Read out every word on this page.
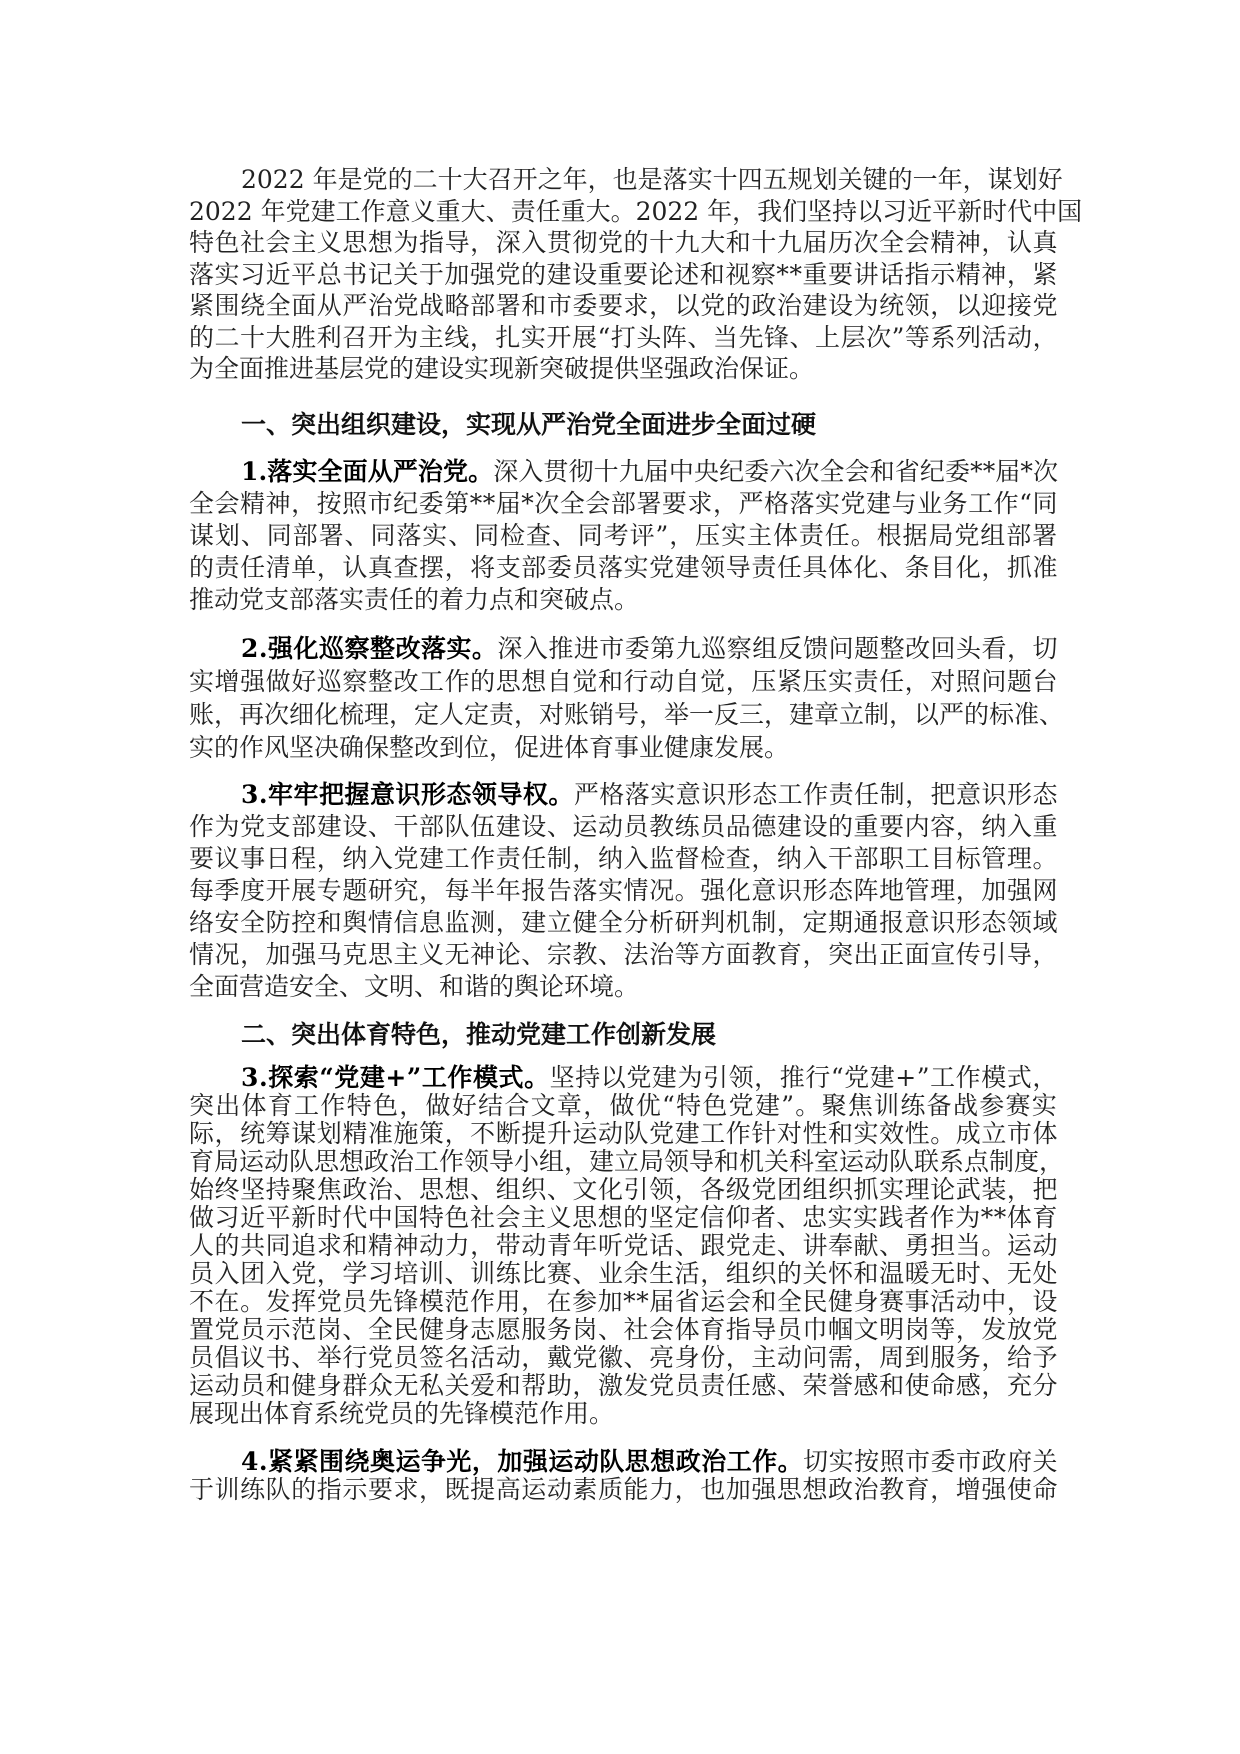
2022 年是党的二十大召开之年，也是落实十四五规划关键的一年，谋划好
2022 年党建工作意义重大、责任重大。2022 年，我们坚持以习近平新时代中国
特色社会主义思想为指导，深入贯彻党的十九大和十九届历次全会精神，认真
落实习近平总书记关于加强党的建设重要论述和视察**重要讲话指示精神，紧
紧围绕全面从严治党战略部署和市委要求，以党的政治建设为统领，以迎接党
的二十大胜利召开为主线，扎实开展“打头阵、当先锋、上层次”等系列活动，
为全面推进基层党的建设实现新突破提供坚强政治保证。
一、突出组织建设，实现从严治党全面进步全面过硬
1.落实全面从严治党。深入贯彻十九届中央纪委六次全会和省纪委**届*次
全会精神，按照市纪委第**届*次全会部署要求，严格落实党建与业务工作“同
谋划、同部署、同落实、同检查、同考评”，压实主体责任。根据局党组部署
的责任清单，认真查摆，将支部委员落实党建领导责任具体化、条目化，抓准
推动党支部落实责任的着力点和突破点。
2.强化巡察整改落实。深入推进市委第九巡察组反馈问题整改回头看，切
实增强做好巡察整改工作的思想自觉和行动自觉，压紧压实责任，对照问题台
账，再次细化梳理，定人定责，对账销号，举一反三，建章立制，以严的标准、
实的作风坚决确保整改到位，促进体育事业健康发展。
3.牢牢把握意识形态领导权。严格落实意识形态工作责任制，把意识形态
作为党支部建设、干部队伍建设、运动员教练员品德建设的重要内容，纳入重
要议事日程，纳入党建工作责任制，纳入监督检查，纳入干部职工目标管理。
每季度开展专题研究，每半年报告落实情况。强化意识形态阵地管理，加强网
络安全防控和舆情信息监测，建立健全分析研判机制，定期通报意识形态领域
情况，加强马克思主义无神论、宗教、法治等方面教育，突出正面宣传引导，
全面营造安全、文明、和谐的舆论环境。
二、突出体育特色，推动党建工作创新发展
3.探索“党建+”工作模式。坚持以党建为引领，推行“党建+”工作模式，
突出体育工作特色，做好结合文章，做优“特色党建”。聚焦训练备战参赛实
际，统筹谋划精准施策，不断提升运动队党建工作针对性和实效性。成立市体
育局运动队思想政治工作领导小组，建立局领导和机关科室运动队联系点制度，
始终坚持聚焦政治、思想、组织、文化引领，各级党团组织抓实理论武装，把
做习近平新时代中国特色社会主义思想的坚定信仰者、忠实实践者作为**体育
人的共同追求和精神动力，带动青年听党话、跟党走、讲奉献、勇担当。运动
员入团入党，学习培训、训练比赛、业余生活，组织的关怀和温暖无时、无处
不在。发挥党员先锋模范作用，在参加**届省运会和全民健身赛事活动中，设
置党员示范岗、全民健身志愿服务岗、社会体育指导员巾帼文明岗等，发放党
员倡议书、举行党员签名活动，戴党徽、亮身份，主动问需，周到服务，给予
运动员和健身群众无私关爱和帮助，激发党员责任感、荣誉感和使命感，充分
展现出体育系统党员的先锋模范作用。
4.紧紧围绕奥运争光，加强运动队思想政治工作。切实按照市委市政府关
于训练队的指示要求，既提高运动素质能力，也加强思想政治教育，增强使命
